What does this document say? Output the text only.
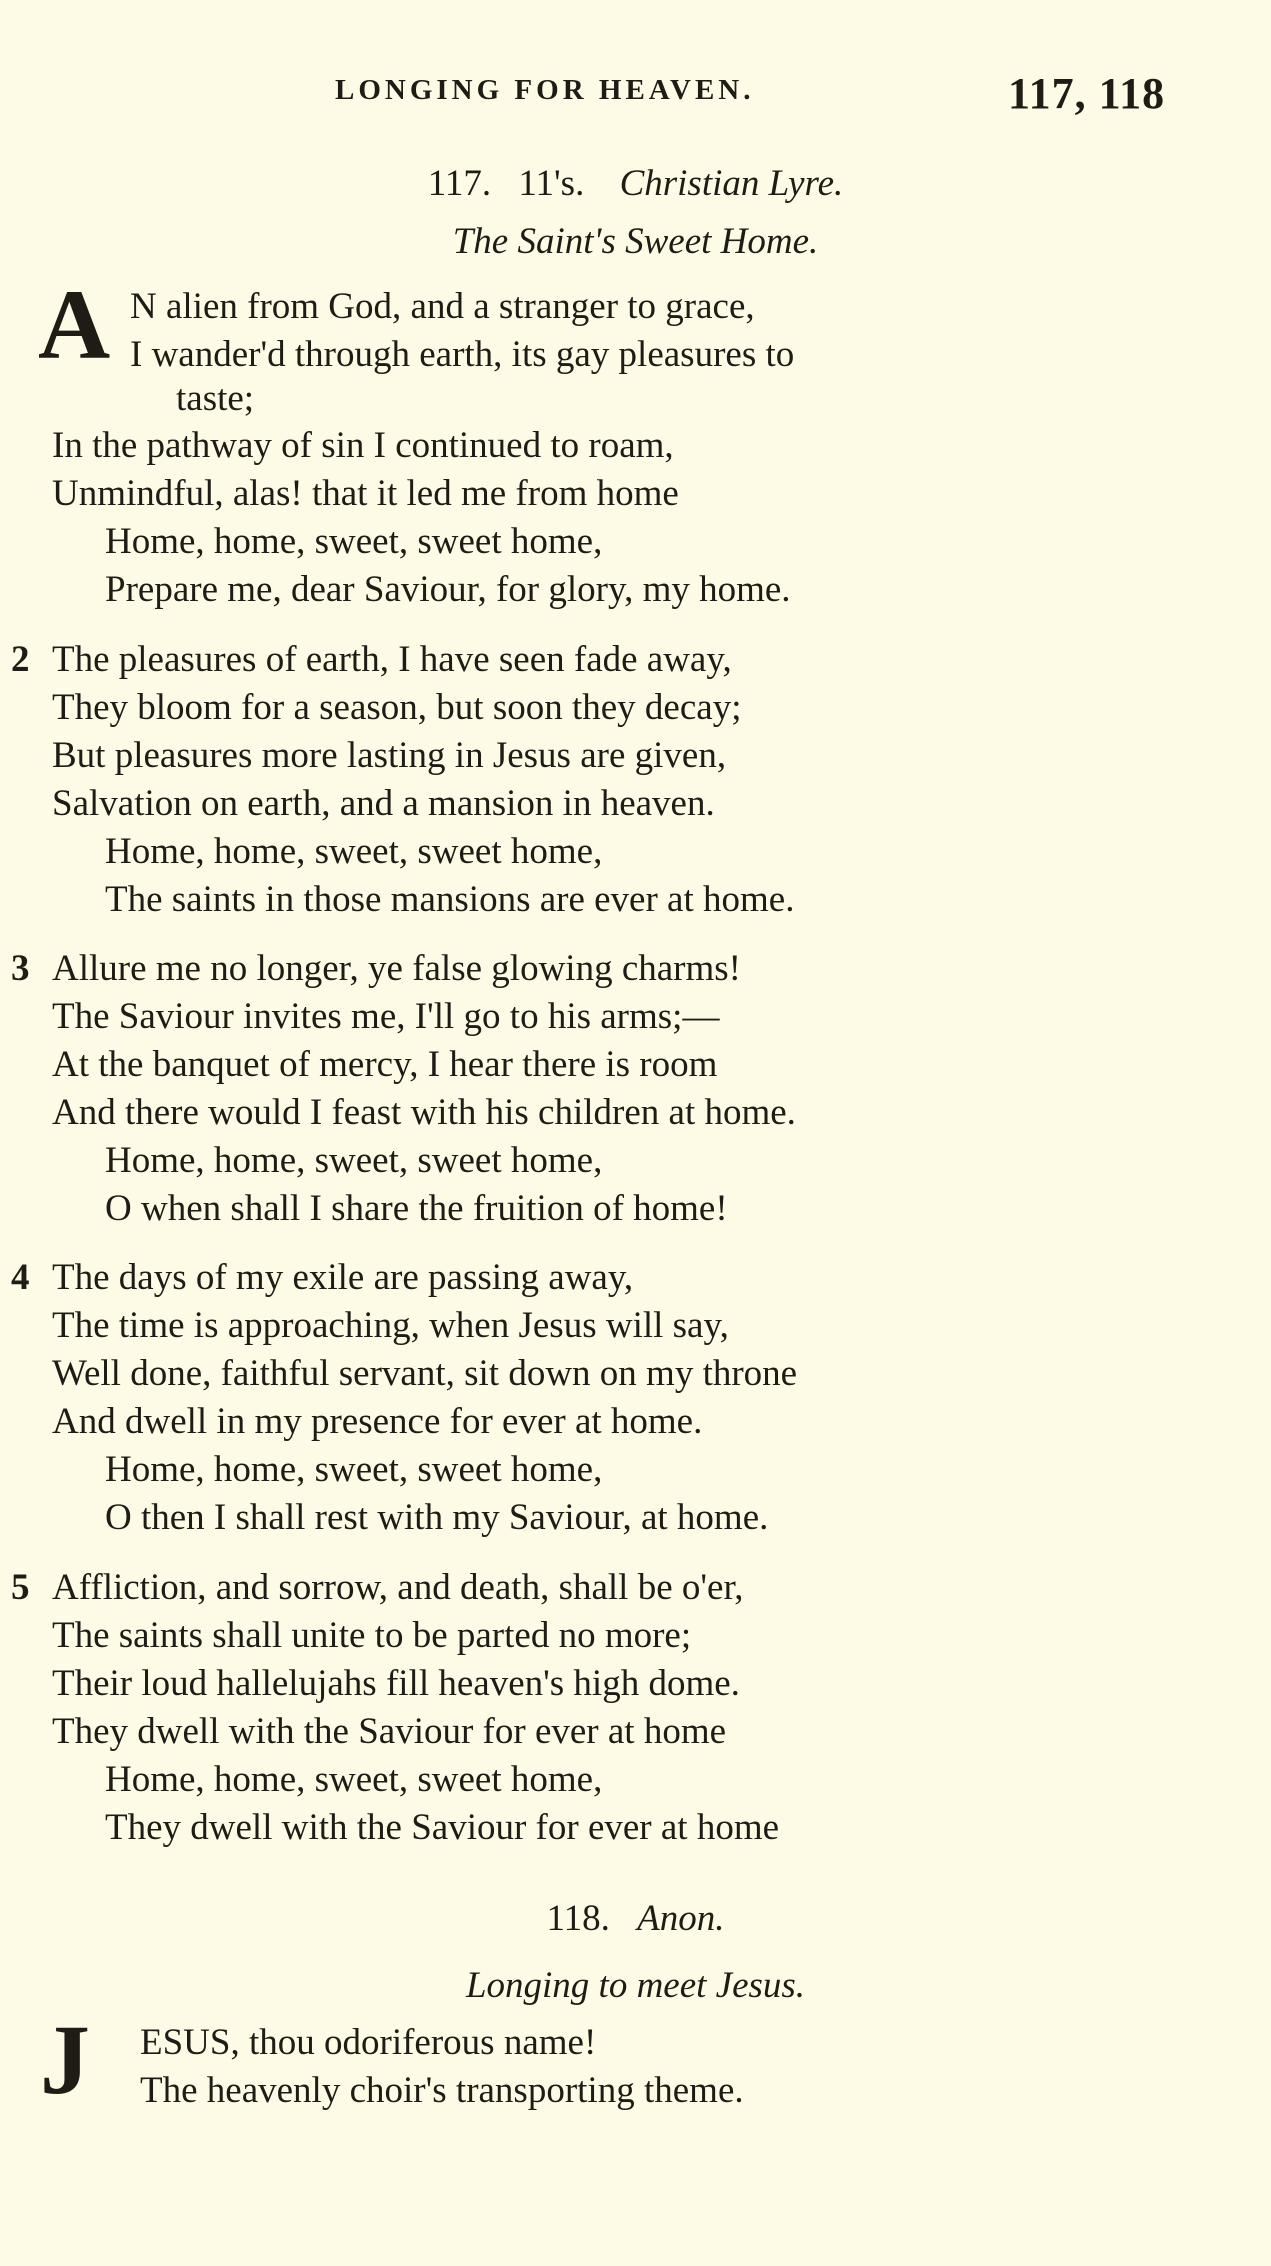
LONGING FOR HEAVEN.	117, 118
117. 11's. Christian Lyre.
The Saint's Sweet Home.
A N alien from God, and a stranger to grace,
I wander'd through earth, its gay pleasures to
taste;
In the pathway of sin I continued to roam,
Unmindful, alas! that it led me from home
Home, home, sweet, sweet home,
Prepare me, dear Saviour, for glory, my home.
2 The pleasures of earth, I have seen fade away,
They bloom for a season, but soon they decay;
But pleasures more lasting in Jesus are given,
Salvation on earth, and a mansion in heaven.
Home, home, sweet, sweet home,
The saints in those mansions are ever at home.
3 Allure me no longer, ye false glowing charms!
The Saviour invites me, I'll go to his arms;—
At the banquet of mercy, I hear there is room
And there would I feast with his children at home.
Home, home, sweet, sweet home,
O when shall I share the fruition of home!
4 The days of my exile are passing away,
The time is approaching, when Jesus will say,
Well done, faithful servant, sit down on my throne
And dwell in my presence for ever at home.
Home, home, sweet, sweet home,
O then I shall rest with my Saviour, at home.
5 Affliction, and sorrow, and death, shall be o'er,
The saints shall unite to be parted no more;
Their loud hallelujahs fill heaven's high dome.
They dwell with the Saviour for ever at home
Home, home, sweet, sweet home,
They dwell with the Saviour for ever at home
118. Anon.
Longing to meet Jesus.
J ESUS, thou odoriferous name!
The heavenly choir's transporting theme.
